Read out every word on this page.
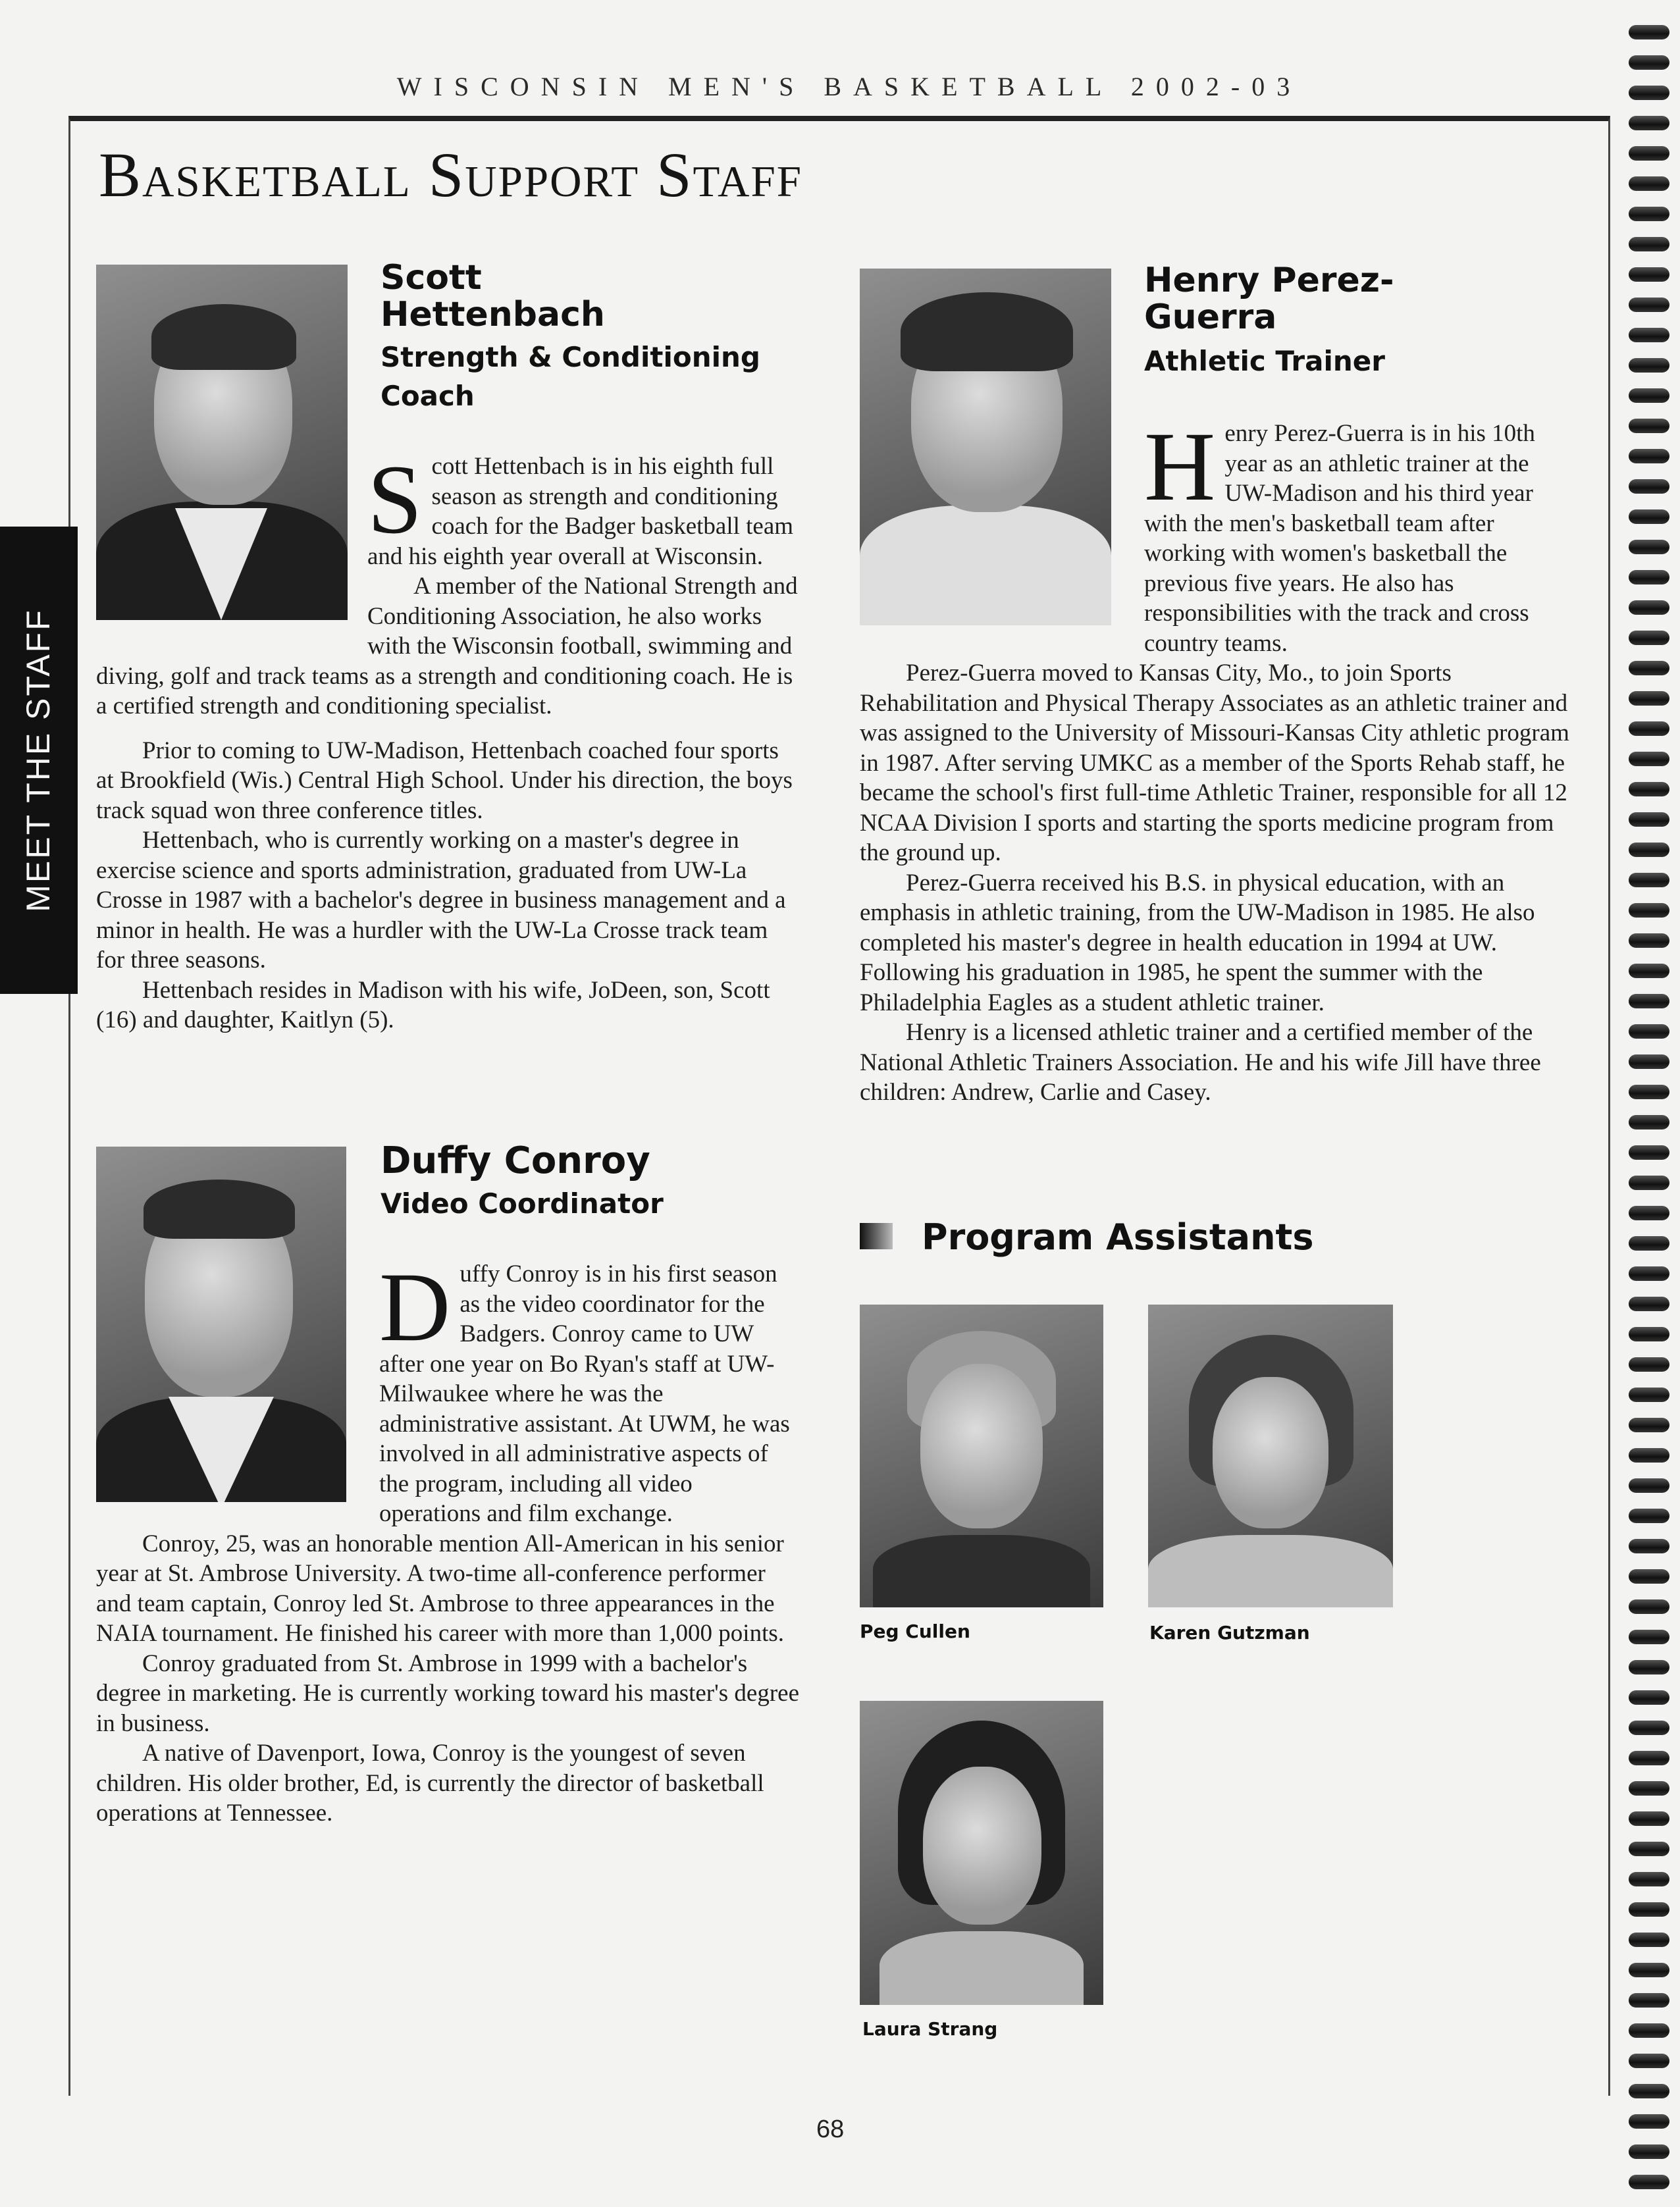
WISCONSIN MEN'S BASKETBALL 2002-03
Basketball Support Staff
MEET THE STAFF
Scott Hettenbach
Strength & Conditioning Coach

Scott Hettenbach is in his eighth full season as strength and conditioning coach for the Badger basketball team and his eighth year overall at Wisconsin.

A member of the National Strength and Conditioning Association, he also works with the Wisconsin football, swimming and diving, golf and track teams as a strength and conditioning coach. He is a certified strength and conditioning specialist.

Prior to coming to UW-Madison, Hettenbach coached four sports at Brookfield (Wis.) Central High School. Under his direction, the boys track squad won three conference titles.

Hettenbach, who is currently working on a master's degree in exercise science and sports administration, graduated from UW-La Crosse in 1987 with a bachelor's degree in business management and a minor in health. He was a hurdler with the UW-La Crosse track team for three seasons.

Hettenbach resides in Madison with his wife, JoDeen, son, Scott (16) and daughter, Kaitlyn (5).

Duffy Conroy
Video Coordinator

Duffy Conroy is in his first season as the video coordinator for the Badgers. Conroy came to UW after one year on Bo Ryan's staff at UW-Milwaukee where he was the administrative assistant. At UWM, he was involved in all administrative aspects of the program, including all video operations and film exchange.

Conroy, 25, was an honorable mention All-American in his senior year at St. Ambrose University. A two-time all-conference performer and team captain, Conroy led St. Ambrose to three appearances in the NAIA tournament. He finished his career with more than 1,000 points.

Conroy graduated from St. Ambrose in 1999 with a bachelor's degree in marketing. He is currently working toward his master's degree in business.

A native of Davenport, Iowa, Conroy is the youngest of seven children. His older brother, Ed, is currently the director of basketball operations at Tennessee.

Henry Perez-Guerra
Athletic Trainer

Henry Perez-Guerra is in his 10th year as an athletic trainer at the UW-Madison and his third year with the men's basketball team after working with women's basketball the previous five years. He also has responsibilities with the track and cross country teams.

Perez-Guerra moved to Kansas City, Mo., to join Sports Rehabilitation and Physical Therapy Associates as an athletic trainer and was assigned to the University of Missouri-Kansas City athletic program in 1987. After serving UMKC as a member of the Sports Rehab staff, he became the school's first full-time Athletic Trainer, responsible for all 12 NCAA Division I sports and starting the sports medicine program from the ground up.

Perez-Guerra received his B.S. in physical education, with an emphasis in athletic training, from the UW-Madison in 1985. He also completed his master's degree in health education in 1994 at UW. Following his graduation in 1985, he spent the summer with the Philadelphia Eagles as a student athletic trainer.

Henry is a licensed athletic trainer and a certified member of the National Athletic Trainers Association. He and his wife Jill have three children: Andrew, Carlie and Casey.

Program Assistants
Peg Cullen	Karen Gutzman
Laura Strang
68
